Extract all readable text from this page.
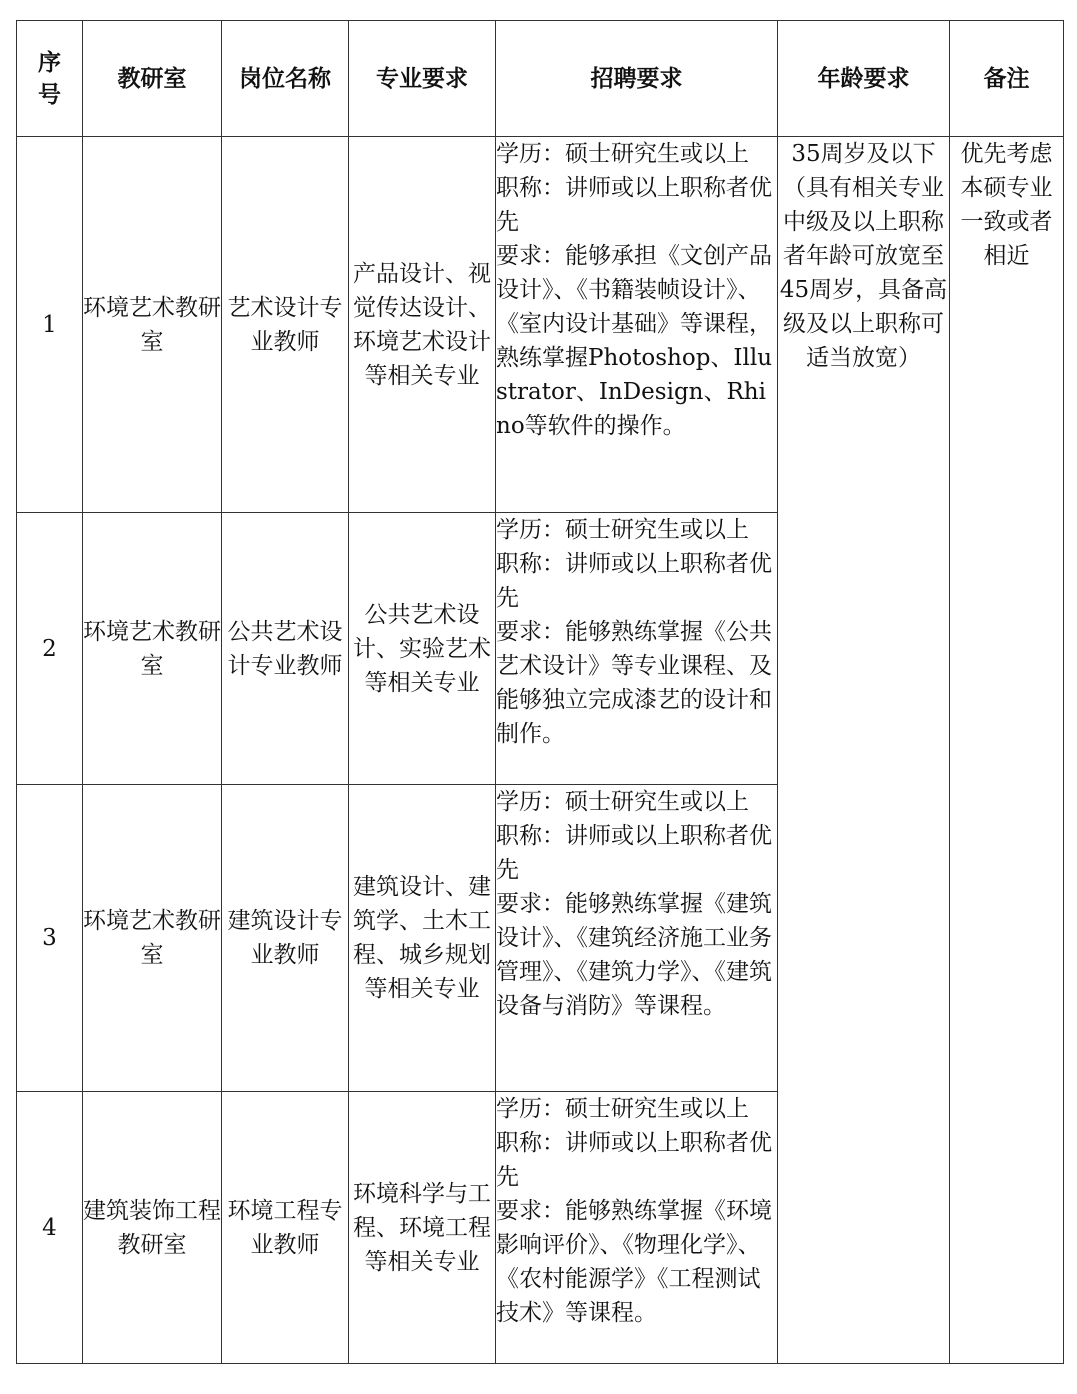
序
号	教研室	岗位名称	专业要求	招聘要求	年龄要求	备注
1	环境艺术教研室	艺术设计专业教师	产品设计、视觉传达设计、环境艺术设计等相关专业	学历：硕士研究生或以上
职称：讲师或以上职称者优先
要求：能够承担《文创产品设计》、《书籍装帧设计》、《室内设计基础》等课程，熟练掌握Photoshop、Illustrator、InDesign、Rhino等软件的操作。	35周岁及以下（具有相关专业中级及以上职称者年龄可放宽至45周岁，具备高级及以上职称可适当放宽）	优先考虑本硕专业一致或者相近
2	环境艺术教研室	公共艺术设计专业教师	公共艺术设计、实验艺术等相关专业	学历：硕士研究生或以上
职称：讲师或以上职称者优先
要求：能够熟练掌握《公共艺术设计》等专业课程、及能够独立完成漆艺的设计和制作。		

3	环境艺术教研室	建筑设计专业教师	建筑设计、建筑学、土木工程、城乡规划等相关专业	学历：硕士研究生或以上
职称：讲师或以上职称者优先
要求：能够熟练掌握《建筑设计》、《建筑经济施工业务管理》、《建筑力学》、《建筑设备与消防》等课程。		

4	建筑装饰工程教研室	环境工程专业教师	环境科学与工程、环境工程等相关专业	学历：硕士研究生或以上
职称：讲师或以上职称者优先
要求：能够熟练掌握《环境影响评价》、《物理化学》、《农村能源学》《工程测试技术》等课程。		
